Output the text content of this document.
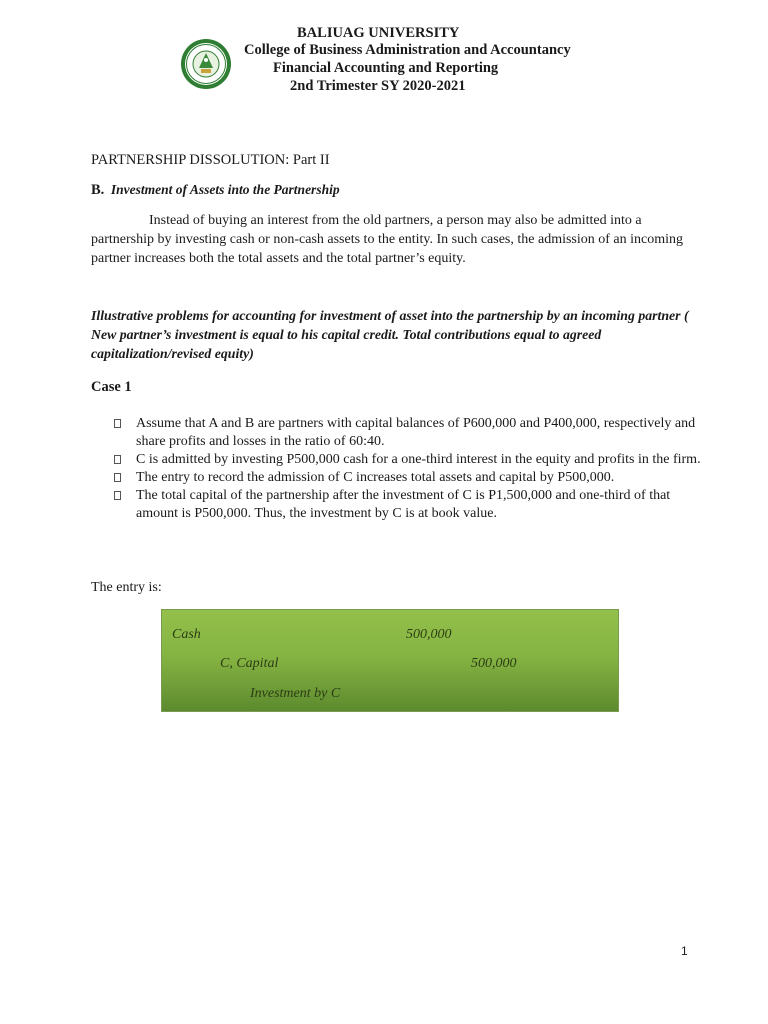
BALIUAG UNIVERSITY
College of Business Administration and Accountancy
Financial Accounting and Reporting
2nd Trimester SY 2020-2021
PARTNERSHIP DISSOLUTION: Part II
B. Investment of Assets into the Partnership

Instead of buying an interest from the old partners, a person may also be admitted into a partnership by investing cash or non-cash assets to the entity. In such cases, the admission of an incoming partner increases both the total assets and the total partner’s equity.

Illustrative problems for accounting for investment of asset into the partnership by an incoming partner ( New partner’s investment is equal to his capital credit. Total contributions equal to agreed capitalization/revised equity)
Case 1
Assume that A and B are partners with capital balances of P600,000 and P400,000, respectively and share profits and losses in the ratio of 60:40.
C is admitted by investing P500,000 cash for a one-third interest in the equity and profits in the firm.
The entry to record the admission of C increases total assets and capital by P500,000.
The total capital of the partnership after the investment of C is P1,500,000 and one-third of that amount is P500,000. Thus, the investment by C is at book value.
The entry is:
Cash	500,000
C, Capital	500,000
Investment by C
1
